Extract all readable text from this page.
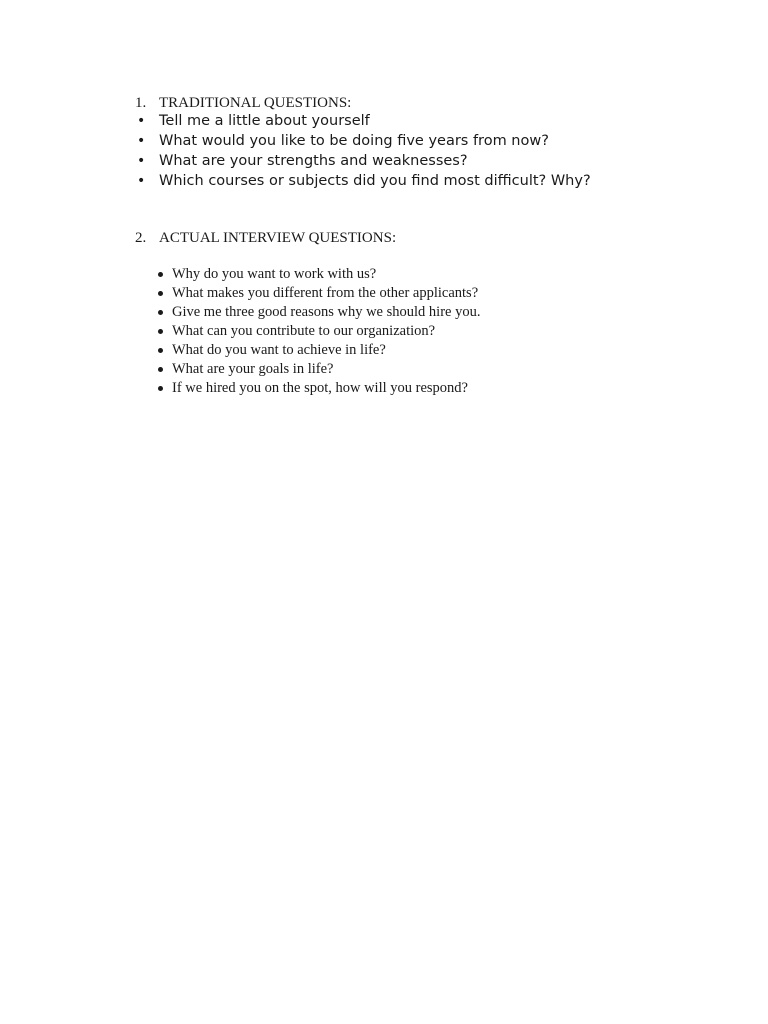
1. TRADITIONAL QUESTIONS:
• Tell me a little about yourself
• What would you like to be doing five years from now?
• What are your strengths and weaknesses?
• Which courses or subjects did you find most difficult? Why?
2. ACTUAL INTERVIEW QUESTIONS:
Why do you want to work with us?
What makes you different from the other applicants?
Give me three good reasons why we should hire you.
What can you contribute to our organization?
What do you want to achieve in life?
What are your goals in life?
If we hired you on the spot, how will you respond?
